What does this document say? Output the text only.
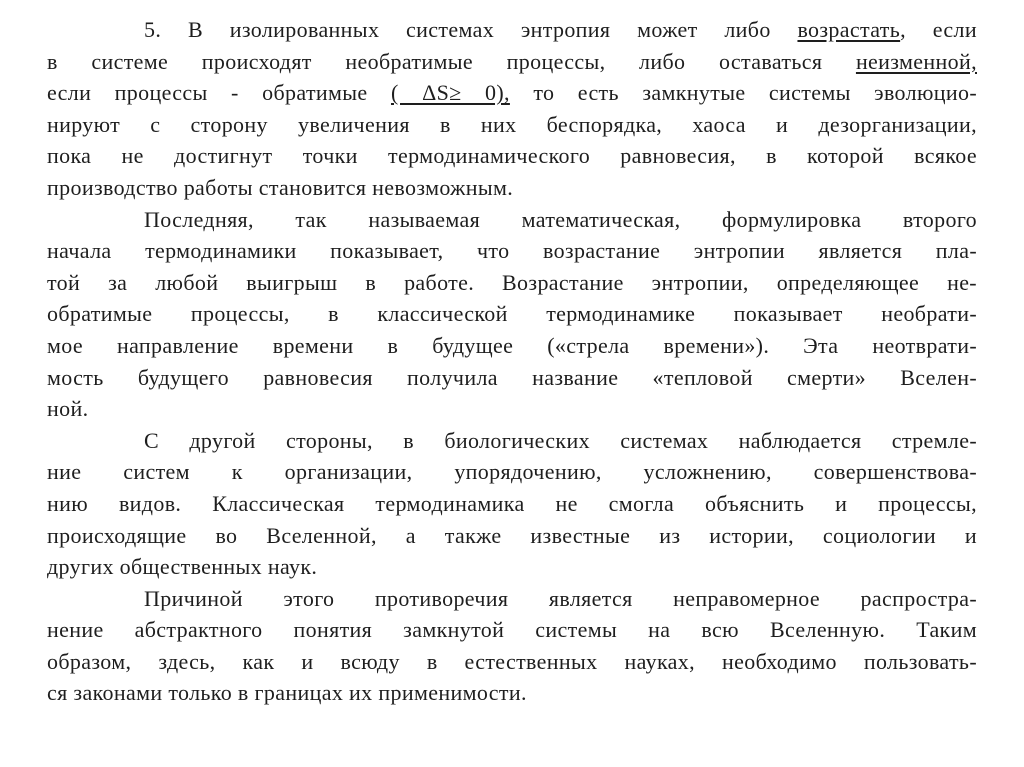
5. В изолированных системах энтропия может либо возрастать, если
в системе происходят необратимые процессы, либо оставаться неизменной,
если процессы - обратимые ( ΔS≥ 0), то есть замкнутые системы эволюцио-
нируют с сторону увеличения в них беспорядка, хаоса и дезорганизации,
пока не достигнут точки термодинамического равновесия, в которой всякое
производство работы становится невозможным.
Последняя, так называемая математическая, формулировка второго
начала термодинамики показывает, что возрастание энтропии является пла-
той за любой выигрыш в работе. Возрастание энтропии, определяющее не-
обратимые процессы, в классической термодинамике показывает необрати-
мое направление времени в будущее («стрела времени»). Эта неотврати-
мость будущего равновесия получила название «тепловой смерти» Вселен-
ной.
С другой стороны, в биологических системах наблюдается стремле-
ние систем к организации, упорядочению, усложнению, совершенствова-
нию видов. Классическая термодинамика не смогла объяснить и процессы,
происходящие во Вселенной, а также известные из истории, социологии и
других общественных наук.
Причиной этого противоречия является неправомерное распростра-
нение абстрактного понятия замкнутой системы на всю Вселенную. Таким
образом, здесь, как и всюду в естественных науках, необходимо пользовать-
ся законами только в границах их применимости.
